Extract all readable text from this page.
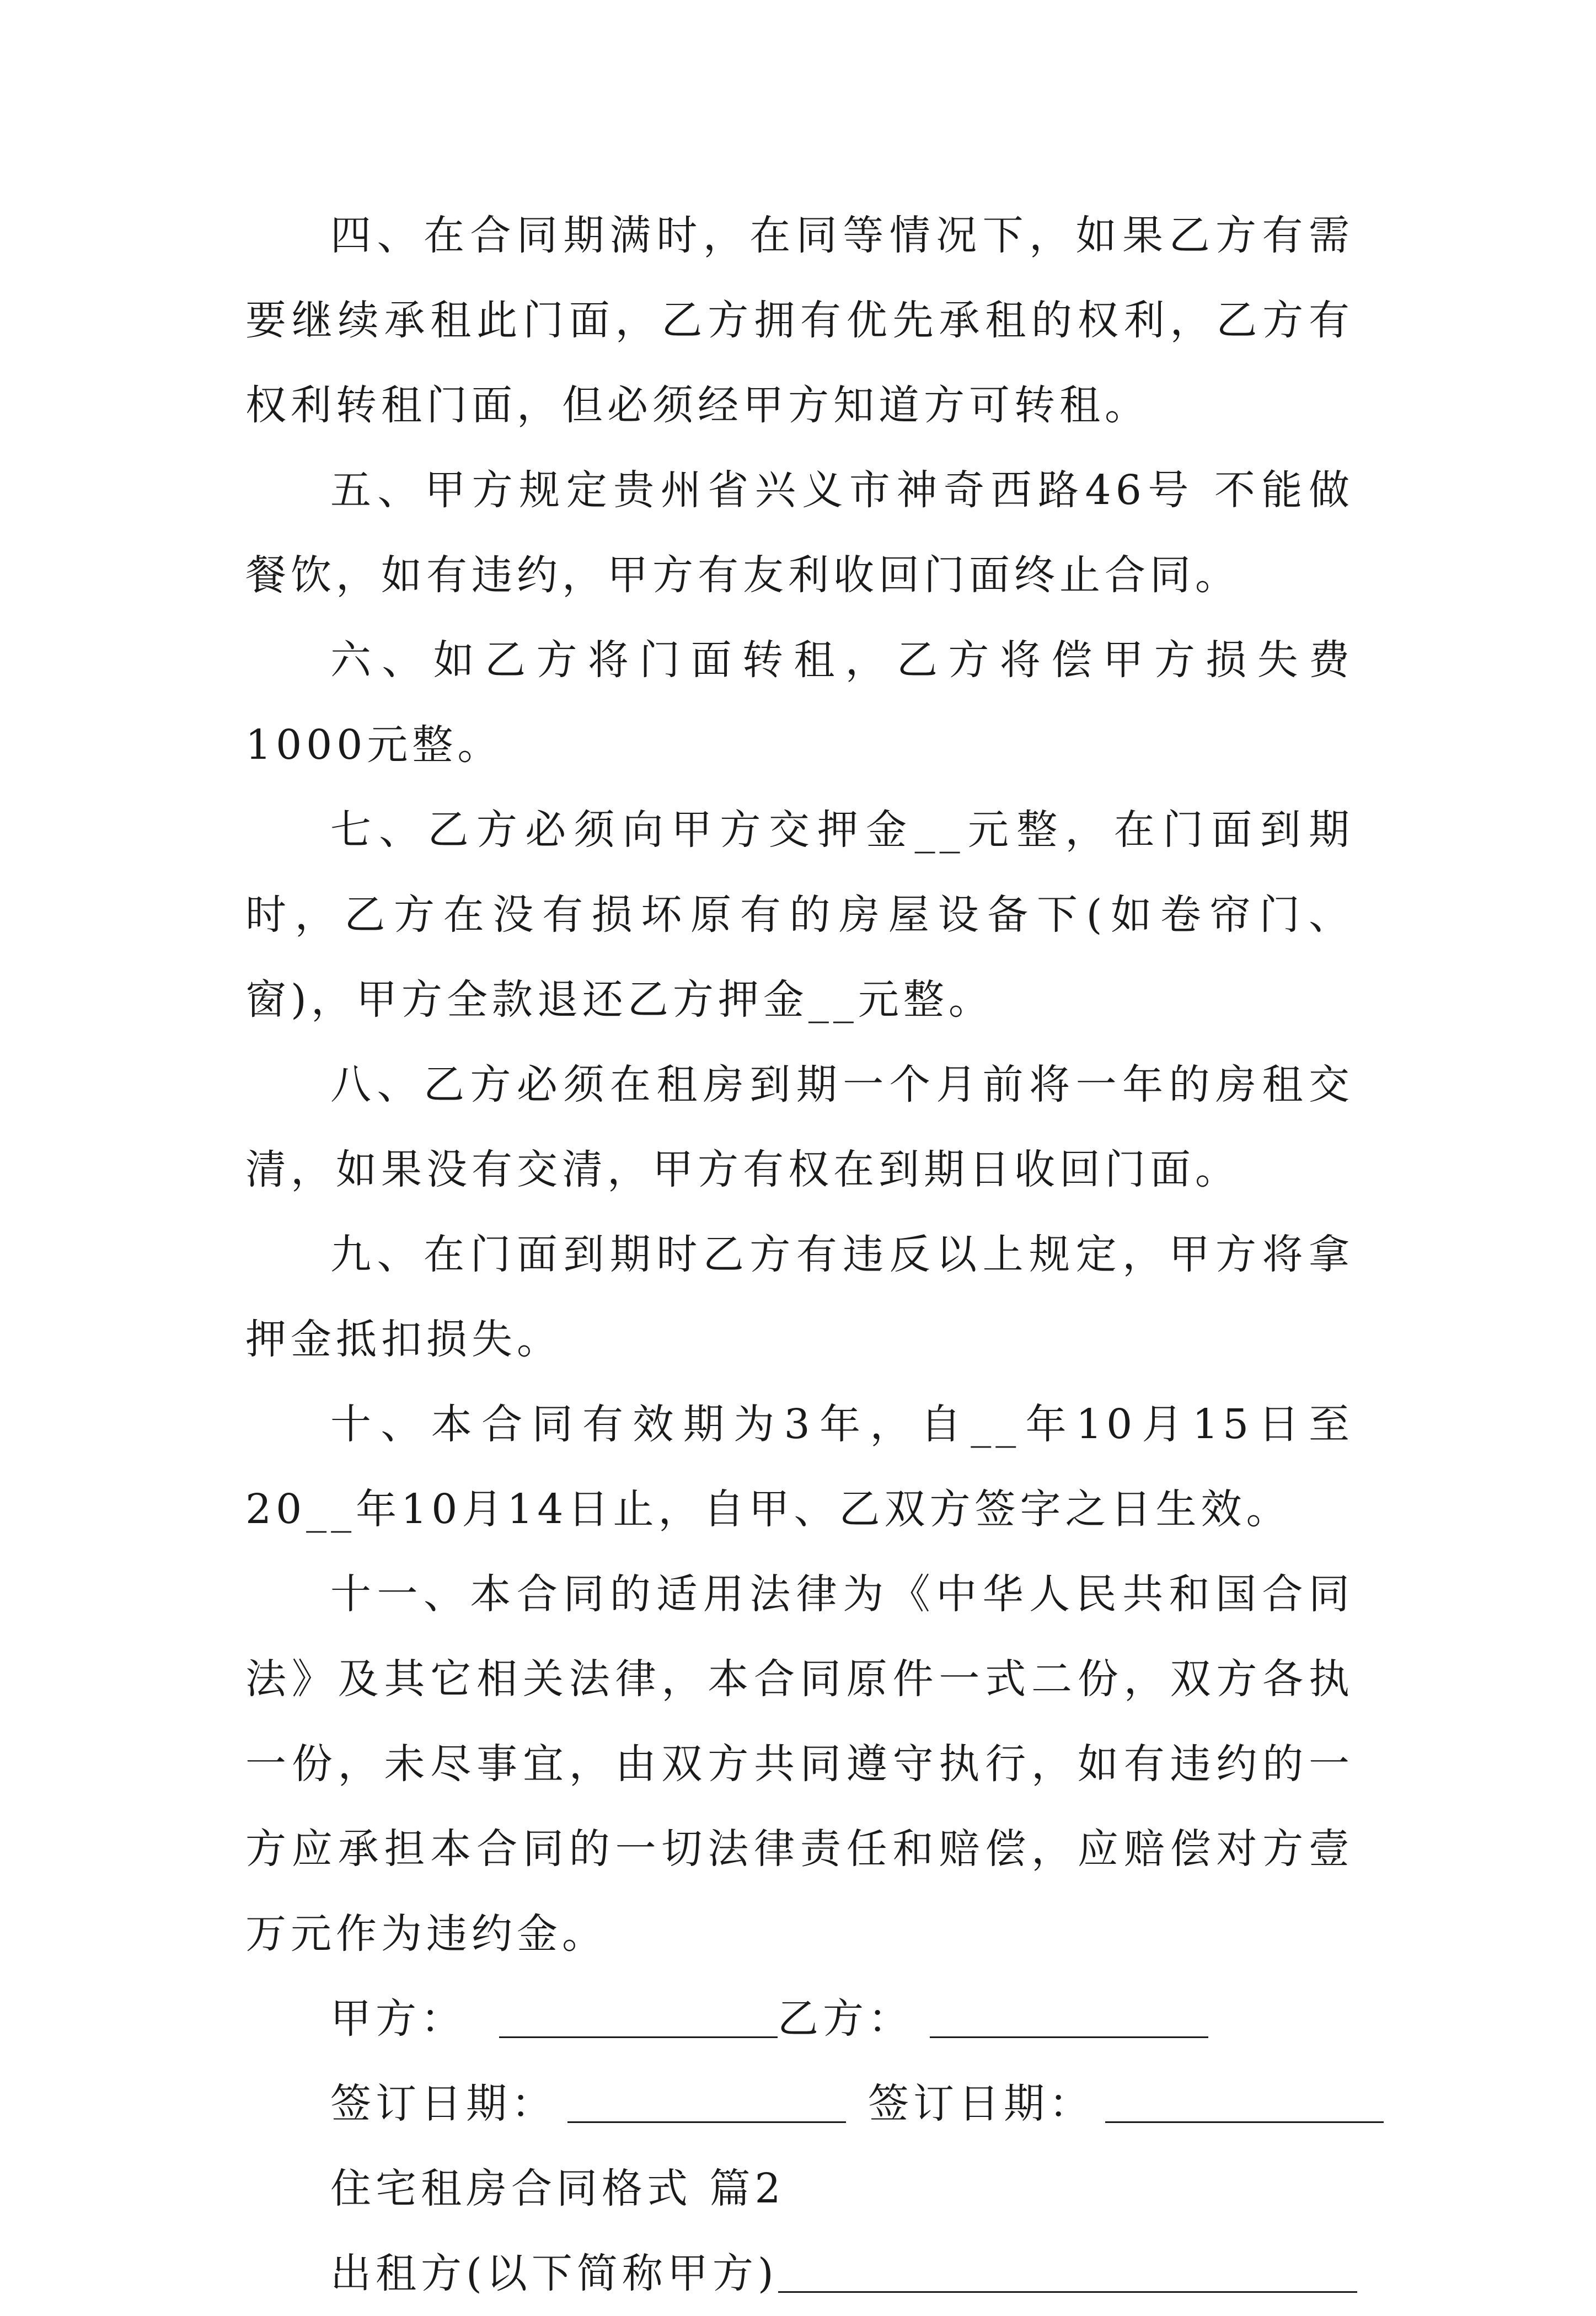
四、在合同期满时，在同等情况下，如果乙方有需要继续承租此门面，乙方拥有优先承租的权利，乙方有权利转租门面，但必须经甲方知道方可转租。

五、甲方规定贵州省兴义市神奇西路46号 不能做餐饮，如有违约，甲方有友利收回门面终止合同。

六、如乙方将门面转租，乙方将偿甲方损失费1000元整。

七、乙方必须向甲方交押金__元整，在门面到期时，乙方在没有损坏原有的房屋设备下(如卷帘门、窗)，甲方全款退还乙方押金__元整。

八、乙方必须在租房到期一个月前将一年的房租交清，如果没有交清，甲方有权在到期日收回门面。

九、在门面到期时乙方有违反以上规定，甲方将拿押金抵扣损失。

十、本合同有效期为3年，自__年10月15日至20__年10月14日止，自甲、乙双方签字之日生效。

十一、本合同的适用法律为《中华人民共和国合同法》及其它相关法律，本合同原件一式二份，双方各执一份，未尽事宜，由双方共同遵守执行，如有违约的一方应承担本合同的一切法律责任和赔偿，应赔偿对方壹万元作为违约金。

甲方：	乙方：
签订日期：	签订日期：
住宅租房合同格式 篇2
出租方(以下简称甲方)
